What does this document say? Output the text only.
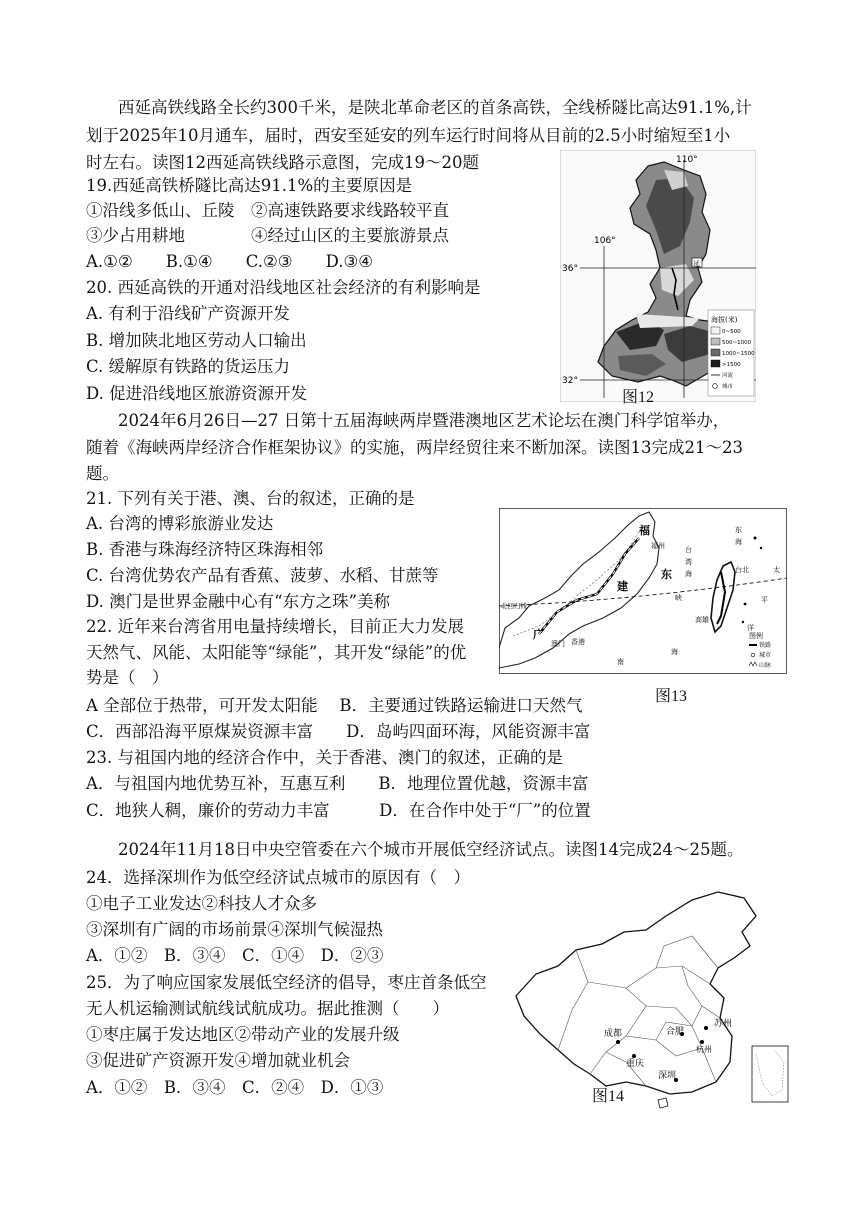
西延高铁线路全长约300千米，是陕北革命老区的首条高铁，全线桥隧比高达91.1%,计
划于2025年10月通车，届时，西安至延安的列车运行时间将从目前的2.5小时缩短至1小
时左右。读图12西延高铁线路示意图，完成19～20题
19.西延高铁桥隧比高达91.1%的主要原因是
①沿线多低山、丘陵　②高速铁路要求线路较平直
③少占用耕地　　　　④经过山区的主要旅游景点
A.①②　　B.①④　　C.②③　　D.③④
20. 西延高铁的开通对沿线地区社会经济的有利影响是
A. 有利于沿线矿产资源开发
B. 增加陕北地区劳动人口输出
C. 缓解原有铁路的货运压力
D. 促进沿线地区旅游资源开发
110°
106°
36°
32°
延
海拔(米)
0~500
500~1000
1000~1500
>1500
河流
城市
图12
2024年6月26日—27 日第十五届海峡两岸暨港澳地区艺术论坛在澳门科学馆举办，
随着《海峡两岸经济合作框架协议》的实施，两岸经贸往来不断加深。读图13完成21～23
题。
21. 下列有关于港、澳、台的叙述，正确的是
A. 台湾的博彩旅游业发达
B. 香港与珠海经济特区珠海相邻
C. 台湾优势农产品有香蕉、菠萝、水稻、甘蔗等
D. 澳门是世界金融中心有“东方之珠”美称
22. 近年来台湾省用电量持续增长，目前正大力发展
天然气、风能、太阳能等“绿能”，其开发“绿能”的优
势是（　）
A 全部位于热带，可开发太阳能　 B．主要通过铁路运输进口天然气
C．西部沿海平原煤炭资源丰富　　D．岛屿四面环海，风能资源丰富
23. 与祖国内地的经济合作中，关于香港、澳门的叙述，正确的是
A．与祖国内地优势互补，互惠互利　　B．地理位置优越，资源丰富
C．地狭人稠，廉价的劳动力丰富　　　D．在合作中处于“厂”的位置
福
福州
建
东
广
东
海
台
湾
海
峡
台北
高雄
太
平
洋
南
海
澳门 香港
北回归线
图例
铁路
城市
山脉
图13
2024年11月18日中央空管委在六个城市开展低空经济试点。读图14完成24～25题。
24．选择深圳作为低空经济试点城市的原因有（　）
①电子工业发达②科技人才众多
③深圳有广阔的市场前景④深圳气候湿热
A．①②　B．③④　C．①④　D．②③
25．为了响应国家发展低空经济的倡导，枣庄首条低空
无人机运输测试航线试航成功。据此推测（　　）
①枣庄属于发达地区②带动产业的发展升级
③促进矿产资源开发④增加就业机会
A．①②　B．③④　C．②④　D．①③
成都
重庆
合肥
苏州
杭州
深圳
图14
